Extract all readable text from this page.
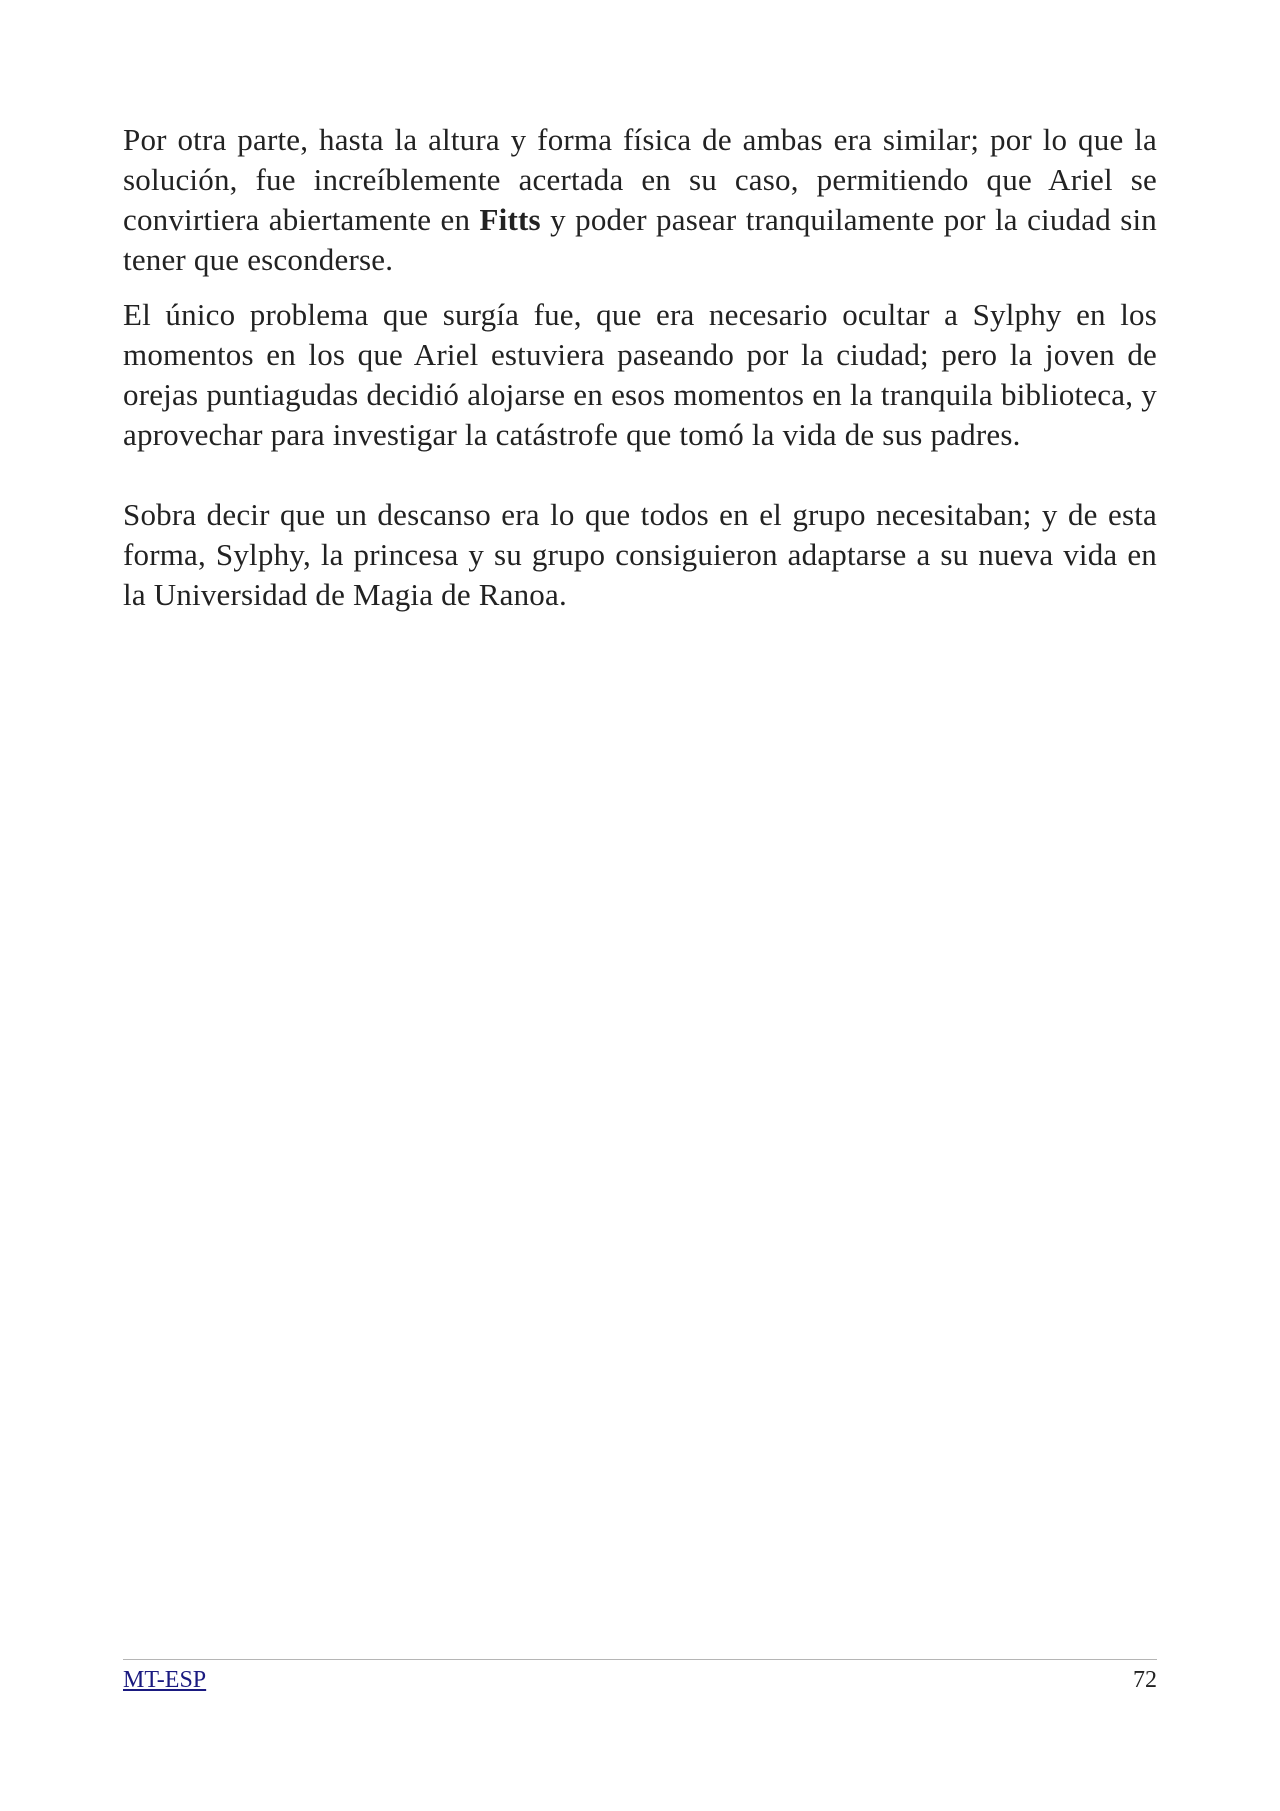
Por otra parte, hasta la altura y forma física de ambas era similar; por lo que la solución, fue increíblemente acertada en su caso, permitiendo que Ariel se convirtiera abiertamente en Fitts y poder pasear tranquilamente por la ciudad sin tener que esconderse.

El único problema que surgía fue, que era necesario ocultar a Sylphy en los momentos en los que Ariel estuviera paseando por la ciudad; pero la joven de orejas puntiagudas decidió alojarse en esos momentos en la tranquila biblioteca, y aprovechar para investigar la catástrofe que tomó la vida de sus padres.

Sobra decir que un descanso era lo que todos en el grupo necesitaban; y de esta forma, Sylphy, la princesa y su grupo consiguieron adaptarse a su nueva vida en la Universidad de Magia de Ranoa.

MT-ESP	72
